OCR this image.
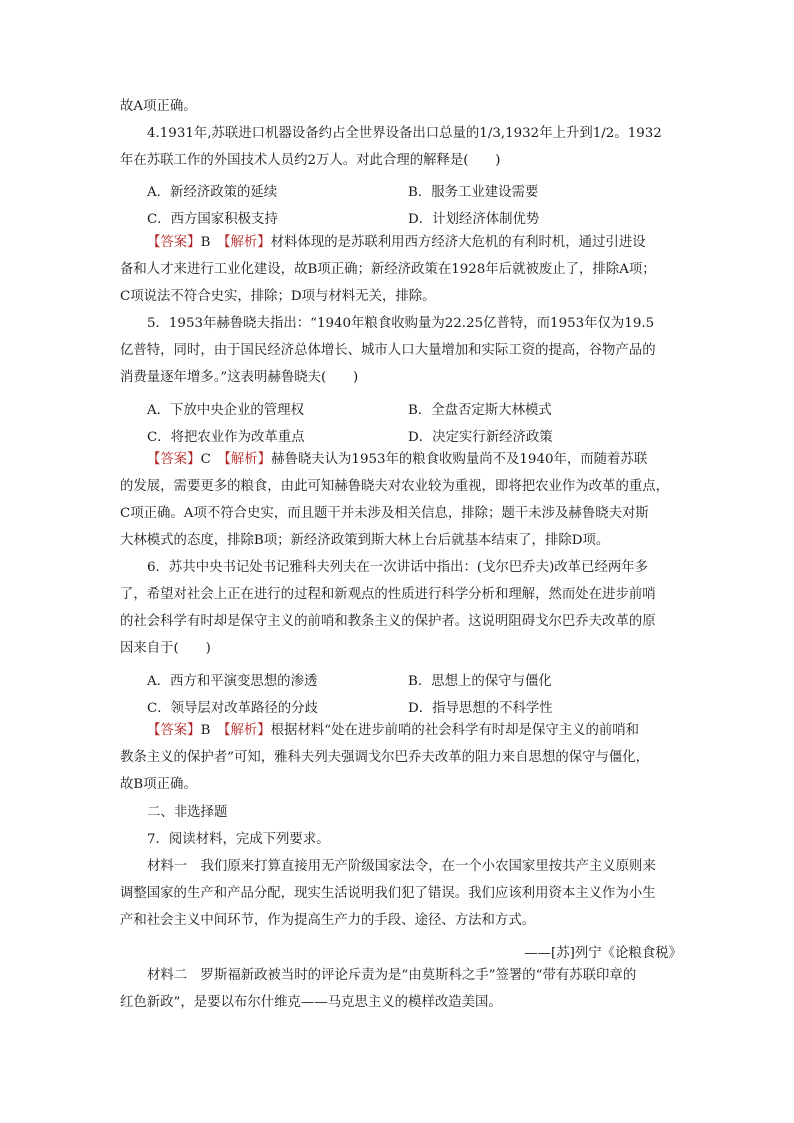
故A项正确。
4.1931年,苏联进口机器设备约占全世界设备出口总量的1/3,1932年上升到1/2。1932
年在苏联工作的外国技术人员约2万人。对此合理的解释是(　　)
A．新经济政策的延续	B．服务工业建设需要
C．西方国家积极支持	D．计划经济体制优势
【答案】B　 【解析】材料体现的是苏联利用西方经济大危机的有利时机，通过引进设
备和人才来进行工业化建设，故B项正确；新经济政策在1928年后就被废止了，排除A项；
C项说法不符合史实，排除；D项与材料无关，排除。
5．1953年赫鲁晓夫指出：“1940年粮食收购量为22.25亿普特，而1953年仅为19.5
亿普特，同时，由于国民经济总体增长、城市人口大量增加和实际工资的提高，谷物产品的
消费量逐年增多。”这表明赫鲁晓夫(　　)
A．下放中央企业的管理权	B．全盘否定斯大林模式
C．将把农业作为改革重点	D．决定实行新经济政策
【答案】C　 【解析】赫鲁晓夫认为1953年的粮食收购量尚不及1940年，而随着苏联
的发展，需要更多的粮食，由此可知赫鲁晓夫对农业较为重视，即将把农业作为改革的重点，
C项正确。A项不符合史实，而且题干并未涉及相关信息，排除；题干未涉及赫鲁晓夫对斯
大林模式的态度，排除B项；新经济政策到斯大林上台后就基本结束了，排除D项。
6．苏共中央书记处书记雅科夫列夫在一次讲话中指出：(戈尔巴乔夫)改革已经两年多
了，希望对社会上正在进行的过程和新观点的性质进行科学分析和理解，然而处在进步前哨
的社会科学有时却是保守主义的前哨和教条主义的保护者。这说明阻碍戈尔巴乔夫改革的原
因来自于(　　)
A．西方和平演变思想的渗透	B．思想上的保守与僵化
C．领导层对改革路径的分歧	D．指导思想的不科学性
【答案】B　 【解析】根据材料“处在进步前哨的社会科学有时却是保守主义的前哨和
教条主义的保护者”可知，雅科夫列夫强调戈尔巴乔夫改革的阻力来自思想的保守与僵化，
故B项正确。
二、非选择题
7．阅读材料，完成下列要求。
材料一　我们原来打算直接用无产阶级国家法令，在一个小农国家里按共产主义原则来
调整国家的生产和产品分配，现实生活说明我们犯了错误。我们应该利用资本主义作为小生
产和社会主义中间环节，作为提高生产力的手段、途径、方法和方式。
——[苏]列宁《论粮食税》
材料二　罗斯福新政被当时的评论斥责为是“由莫斯科之手”签署的“带有苏联印章的
红色新政”，是要以布尔什维克——马克思主义的模样改造美国。
